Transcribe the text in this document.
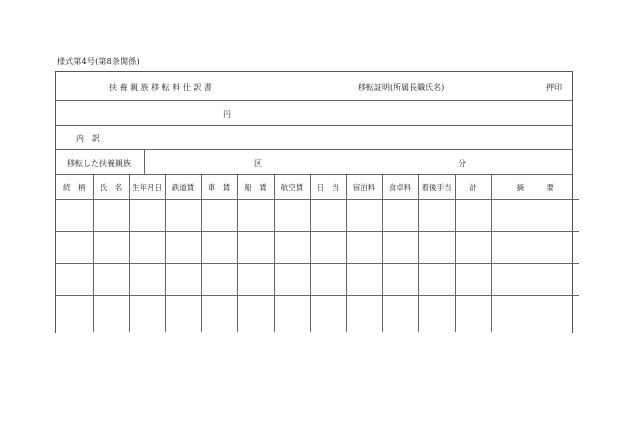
様式第4号(第8条関係)
扶 養 親 族 移 転 料 仕 訳 書	移転証明(所属長職氏名)	押印
円
内　訳
移転した扶養親族	区	分
続　柄	氏　名	生年月日	鉄道賃	車　賃	船　賃	航空賃	日　当	宿泊料	食卓料	着後手当	計	摘　　　要
